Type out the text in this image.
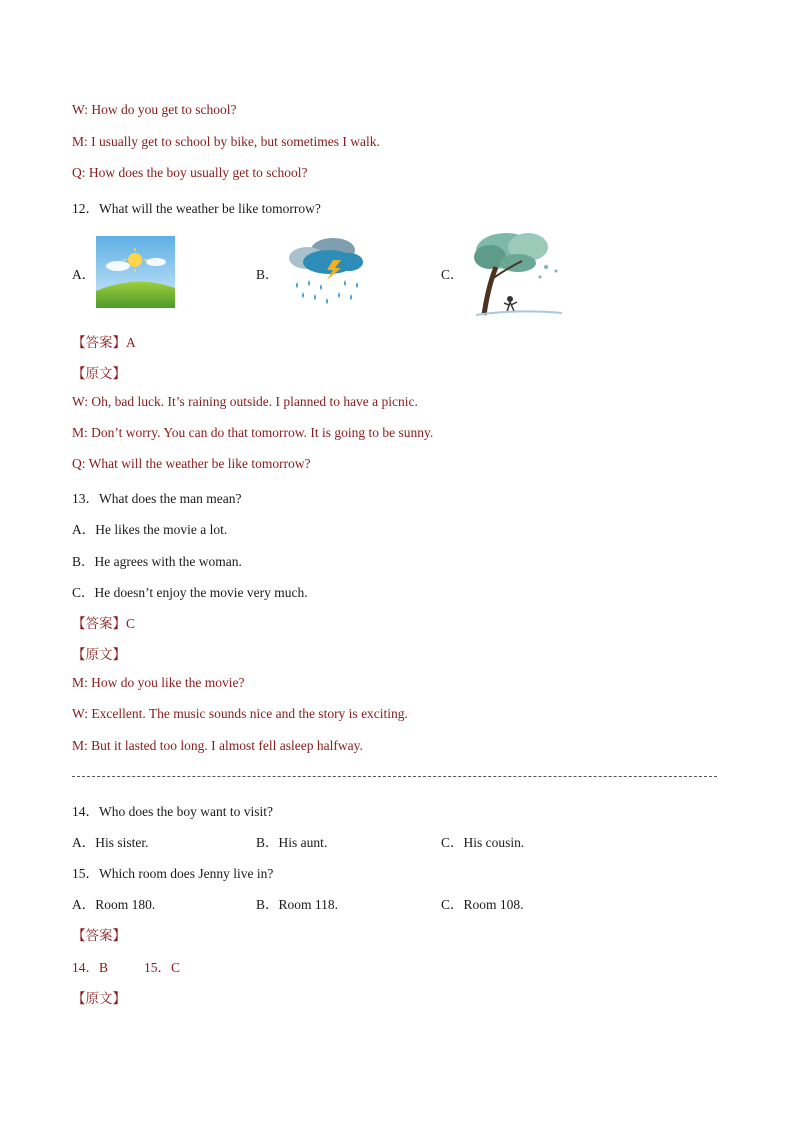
W: How do you get to school?
M: I usually get to school by bike, but sometimes I walk.
Q: How does the boy usually get to school?
12．What will the weather be like tomorrow?
A．	B．	C．
【答案】A
【原文】
W: Oh, bad luck. It’s raining outside. I planned to have a picnic.
M: Don’t worry. You can do that tomorrow. It is going to be sunny.
Q: What will the weather be like tomorrow?
13．What does the man mean?
A．He likes the movie a lot.
B．He agrees with the woman.
C．He doesn’t enjoy the movie very much.
【答案】C
【原文】
M: How do you like the movie?
W: Excellent. The music sounds nice and the story is exciting.
M: But it lasted too long. I almost fell asleep halfway.
14．Who does the boy want to visit?
A．His sister.	B．His aunt.	C．His cousin.
15．Which room does Jenny live in?
A．Room 180.	B．Room 118.	C．Room 108.
【答案】
14．B	15．C
【原文】
